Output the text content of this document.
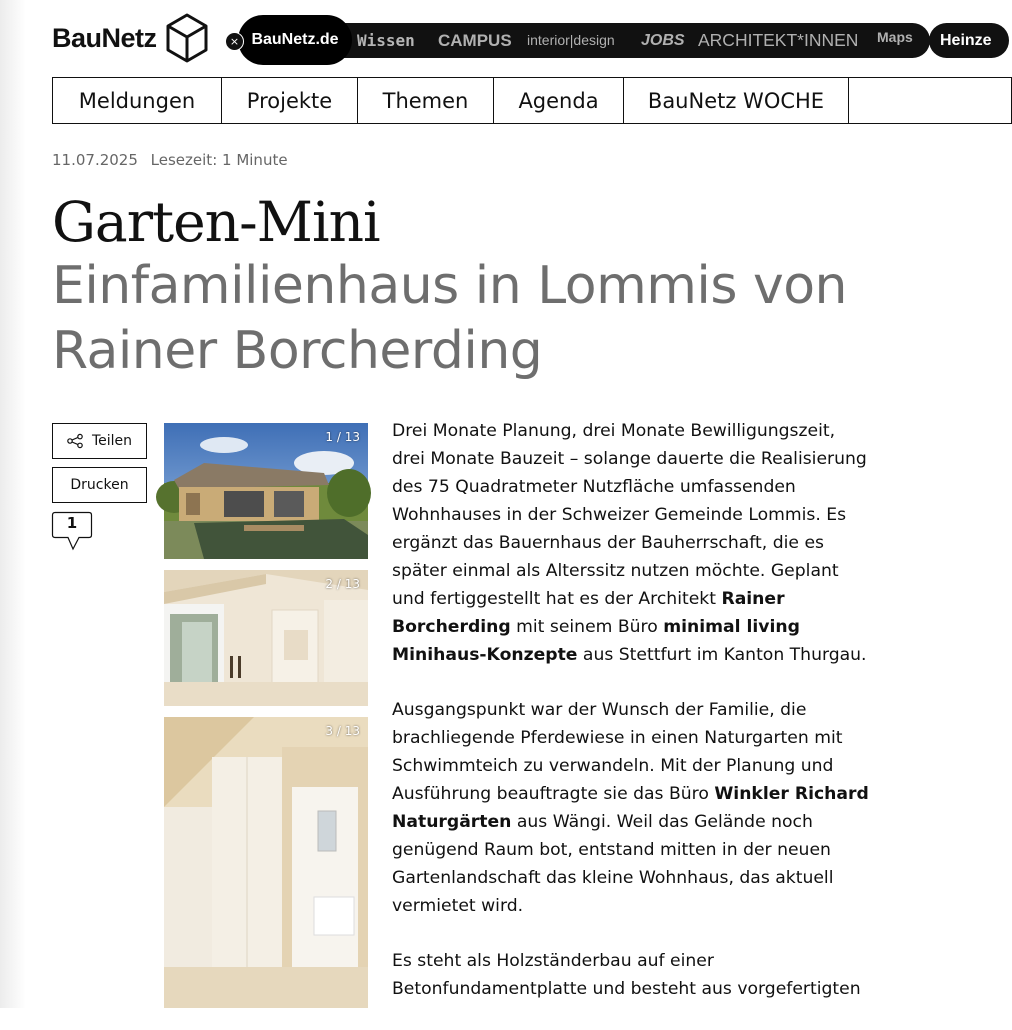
BauNetz	Wissen CAMPUS interior|design JOBS ARCHITEKT*INNEN Maps
BauNetz.de
×	Heinze
Meldungen	Projekte	Themen	Agenda	BauNetz WOCHE
11.07.2025 Lesezeit: 1 Minute
Garten-Mini
Einfamilienhaus in Lommis von Rainer Borcherding
Teilen
Drucken
1
1 / 13
2 / 13
3 / 13

Drei Monate Planung, drei Monate Bewilligungszeit, drei Monate Bauzeit – solange dauerte die Realisierung des 75 Quadratmeter Nutzfläche umfassenden Wohnhauses in der Schweizer Gemeinde Lommis. Es ergänzt das Bauernhaus der Bauherrschaft, die es später einmal als Alterssitz nutzen möchte. Geplant und fertiggestellt hat es der Architekt Rainer Borcherding mit seinem Büro minimal living Minihaus-Konzepte aus Stettfurt im Kanton Thurgau.

Ausgangspunkt war der Wunsch der Familie, die brachliegende Pferdewiese in einen Naturgarten mit Schwimmteich zu verwandeln. Mit der Planung und Ausführung beauftragte sie das Büro Winkler Richard Naturgärten aus Wängi. Weil das Gelände noch genügend Raum bot, entstand mitten in der neuen Gartenlandschaft das kleine Wohnhaus, das aktuell vermietet wird.

Es steht als Holzständerbau auf einer Betonfundamentplatte und besteht aus vorgefertigten
